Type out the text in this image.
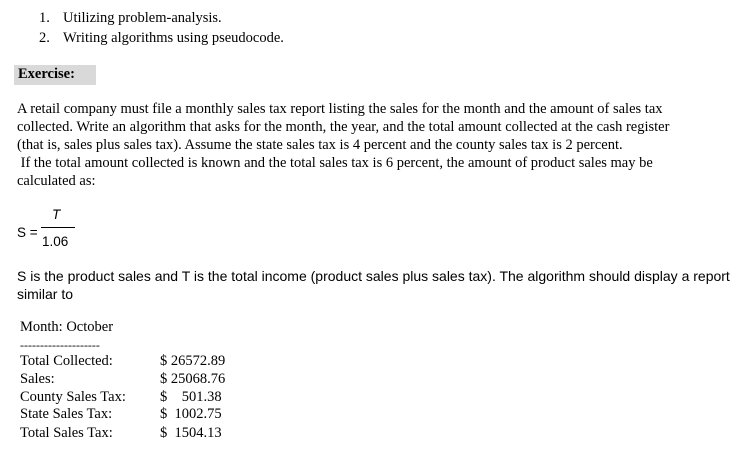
1. Utilizing problem-analysis.
2. Writing algorithms using pseudocode.
Exercise:
A retail company must file a monthly sales tax report listing the sales for the month and the amount of sales tax
collected. Write an algorithm that asks for the month, the year, and the total amount collected at the cash register
(that is, sales plus sales tax). Assume the state sales tax is 4 percent and the county sales tax is 2 percent.
If the total amount collected is known and the total sales tax is 6 percent, the amount of product sales may be
calculated as:
S =
T
1.06
S is the product sales and T is the total income (product sales plus sales tax). The algorithm should display a report
similar to
Month: October
--------------------
Total Collected:	$ 26572.89
Sales:	$ 25068.76
County Sales Tax: $    501.38
State Sales Tax:	$  1002.75
Total Sales Tax:	$  1504.13
